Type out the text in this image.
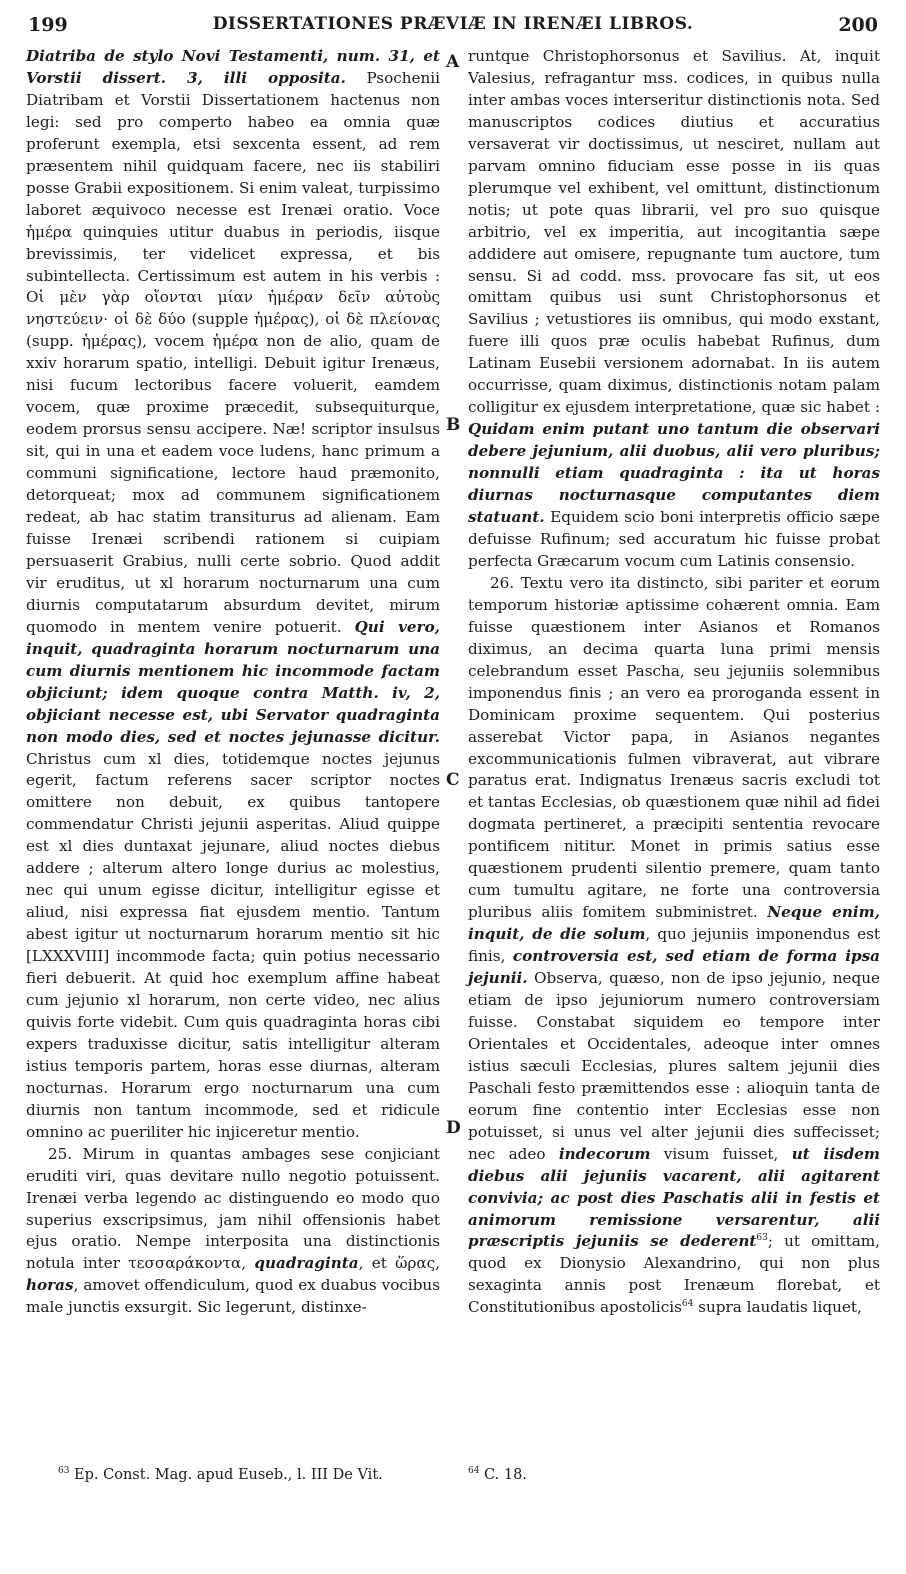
199	DISSERTATIONES PRÆVIÆ IN IRENÆI LIBROS.	200

Diatriba de stylo Novi Testamenti, num. 31, et Vorstii dissert. 3, illi opposita. Psochenii Diatribam et Vorstii Dissertationem hactenus non legi: sed pro comperto habeo ea omnia quæ proferunt exempla, etsi sexcenta essent, ad rem præsentem nihil quidquam facere, nec iis stabiliri posse Grabii expositionem. Si enim valeat, turpissimo laboret æquivoco necesse est Irenæi oratio. Voce ἡμέρα quinquies utitur duabus in periodis, iisque brevissimis, ter videlicet expressa, et bis subintellecta. Certissimum est autem in his verbis : Οἱ μὲν γὰρ οἴονται μίαν ἡμέραν δεῖν αὐτοὺς νηστεύειν· οἱ δὲ δύο (supple ἡμέρας), οἱ δὲ πλείονας (supp. ἡμέρας), vocem ἡμέρα non de alio, quam de xxiv horarum spatio, intelligi. Debuit igitur Irenæus, nisi fucum lectoribus facere voluerit, eamdem vocem, quæ proxime præcedit, subsequiturque, eodem prorsus sensu accipere. Næ! scriptor insulsus sit, qui in una et eadem voce ludens, hanc primum a communi significatione, lectore haud præmonito, detorqueat; mox ad communem significationem redeat, ab hac statim transiturus ad alienam. Eam fuisse Irenæi scribendi rationem si cuipiam persuaserit Grabius, nulli certe sobrio. Quod addit vir eruditus, ut xl horarum nocturnarum una cum diurnis computatarum absurdum devitet, mirum quomodo in mentem venire potuerit. Qui vero, inquit, quadraginta horarum nocturnarum una cum diurnis mentionem hic incommode factam objiciunt; idem quoque contra Matth. iv, 2, objiciant necesse est, ubi Servator quadraginta non modo dies, sed et noctes jejunasse dicitur. Christus cum xl dies, totidemque noctes jejunus egerit, factum referens sacer scriptor noctes omittere non debuit, ex quibus tantopere commendatur Christi jejunii asperitas. Aliud quippe est xl dies duntaxat jejunare, aliud noctes diebus addere ; alterum altero longe durius ac molestius, nec qui unum egisse dicitur, intelligitur egisse et aliud, nisi expressa fiat ejusdem mentio. Tantum abest igitur ut nocturnarum horarum mentio sit hic [LXXXVIII] incommode facta; quin potius necessario fieri debuerit. At quid hoc exemplum affine habeat cum jejunio xl horarum, non certe video, nec alius quivis forte videbit. Cum quis quadraginta horas cibi expers traduxisse dicitur, satis intelligitur alteram istius temporis partem, horas esse diurnas, alteram nocturnas. Horarum ergo nocturnarum una cum diurnis non tantum incommode, sed et ridicule omnino ac pueriliter hic injiceretur mentio.

25. Mirum in quantas ambages sese conjiciant eruditi viri, quas devitare nullo negotio potuissent. Irenæi verba legendo ac distinguendo eo modo quo superius exscripsimus, jam nihil offensionis habet ejus oratio. Nempe interposita una distinctionis notula inter τεσσαράκοντα, quadraginta, et ὥρας, horas, amovet offendiculum, quod ex duabus vocibus male junctis exsurgit. Sic legerunt, distinxe-

A
B
C
D

runtque Christophorsonus et Savilius. At, inquit Valesius, refragantur mss. codices, in quibus nulla inter ambas voces interseritur distinctionis nota. Sed manuscriptos codices diutius et accuratius versaverat vir doctissimus, ut nesciret, nullam aut parvam omnino fiduciam esse posse in iis quas plerumque vel exhibent, vel omittunt, distinctionum notis; ut pote quas librarii, vel pro suo quisque arbitrio, vel ex imperitia, aut incogitantia sæpe addidere aut omisere, repugnante tum auctore, tum sensu. Si ad codd. mss. provocare fas sit, ut eos omittam quibus usi sunt Christophorsonus et Savilius ; vetustiores iis omnibus, qui modo exstant, fuere illi quos præ oculis habebat Rufinus, dum Latinam Eusebii versionem adornabat. In iis autem occurrisse, quam diximus, distinctionis notam palam colligitur ex ejusdem interpretatione, quæ sic habet : Quidam enim putant uno tantum die observari debere jejunium, alii duobus, alii vero pluribus; nonnulli etiam quadraginta : ita ut horas diurnas nocturnasque computantes diem statuant. Equidem scio boni interpretis officio sæpe defuisse Rufinum; sed accuratum hic fuisse probat perfecta Græcarum vocum cum Latinis consensio.

26. Textu vero ita distincto, sibi pariter et eorum temporum historiæ aptissime cohærent omnia. Eam fuisse quæstionem inter Asianos et Romanos diximus, an decima quarta luna primi mensis celebrandum esset Pascha, seu jejuniis solemnibus imponendus finis ; an vero ea proroganda essent in Dominicam proxime sequentem. Qui posterius asserebat Victor papa, in Asianos negantes excommunicationis fulmen vibraverat, aut vibrare paratus erat. Indignatus Irenæus sacris excludi tot et tantas Ecclesias, ob quæstionem quæ nihil ad fidei dogmata pertineret, a præcipiti sententia revocare pontificem nititur. Monet in primis satius esse quæstionem prudenti silentio premere, quam tanto cum tumultu agitare, ne forte una controversia pluribus aliis fomitem subministret. Neque enim, inquit, de die solum, quo jejuniis imponendus est finis, controversia est, sed etiam de forma ipsa jejunii. Observa, quæso, non de ipso jejunio, neque etiam de ipso jejuniorum numero controversiam fuisse. Constabat siquidem eo tempore inter Orientales et Occidentales, adeoque inter omnes istius sæculi Ecclesias, plures saltem jejunii dies Paschali festo præmittendos esse : alioquin tanta de eorum fine contentio inter Ecclesias esse non potuisset, si unus vel alter jejunii dies suffecisset; nec adeo indecorum visum fuisset, ut iisdem diebus alii jejuniis vacarent, alii agitarent convivia; ac post dies Paschatis alii in festis et animorum remissione versarentur, alii præscriptis jejuniis se dederent$^{63}$; ut omittam, quod ex Dionysio Alexandrino, qui non plus sexaginta annis post Irenæum florebat, et Constitutionibus apostolicis$^{64}$ supra laudatis liquet,

$^{63}$ Ep. Const. Mag. apud Euseb., l. III De Vit.	$^{64}$ C. 18.
